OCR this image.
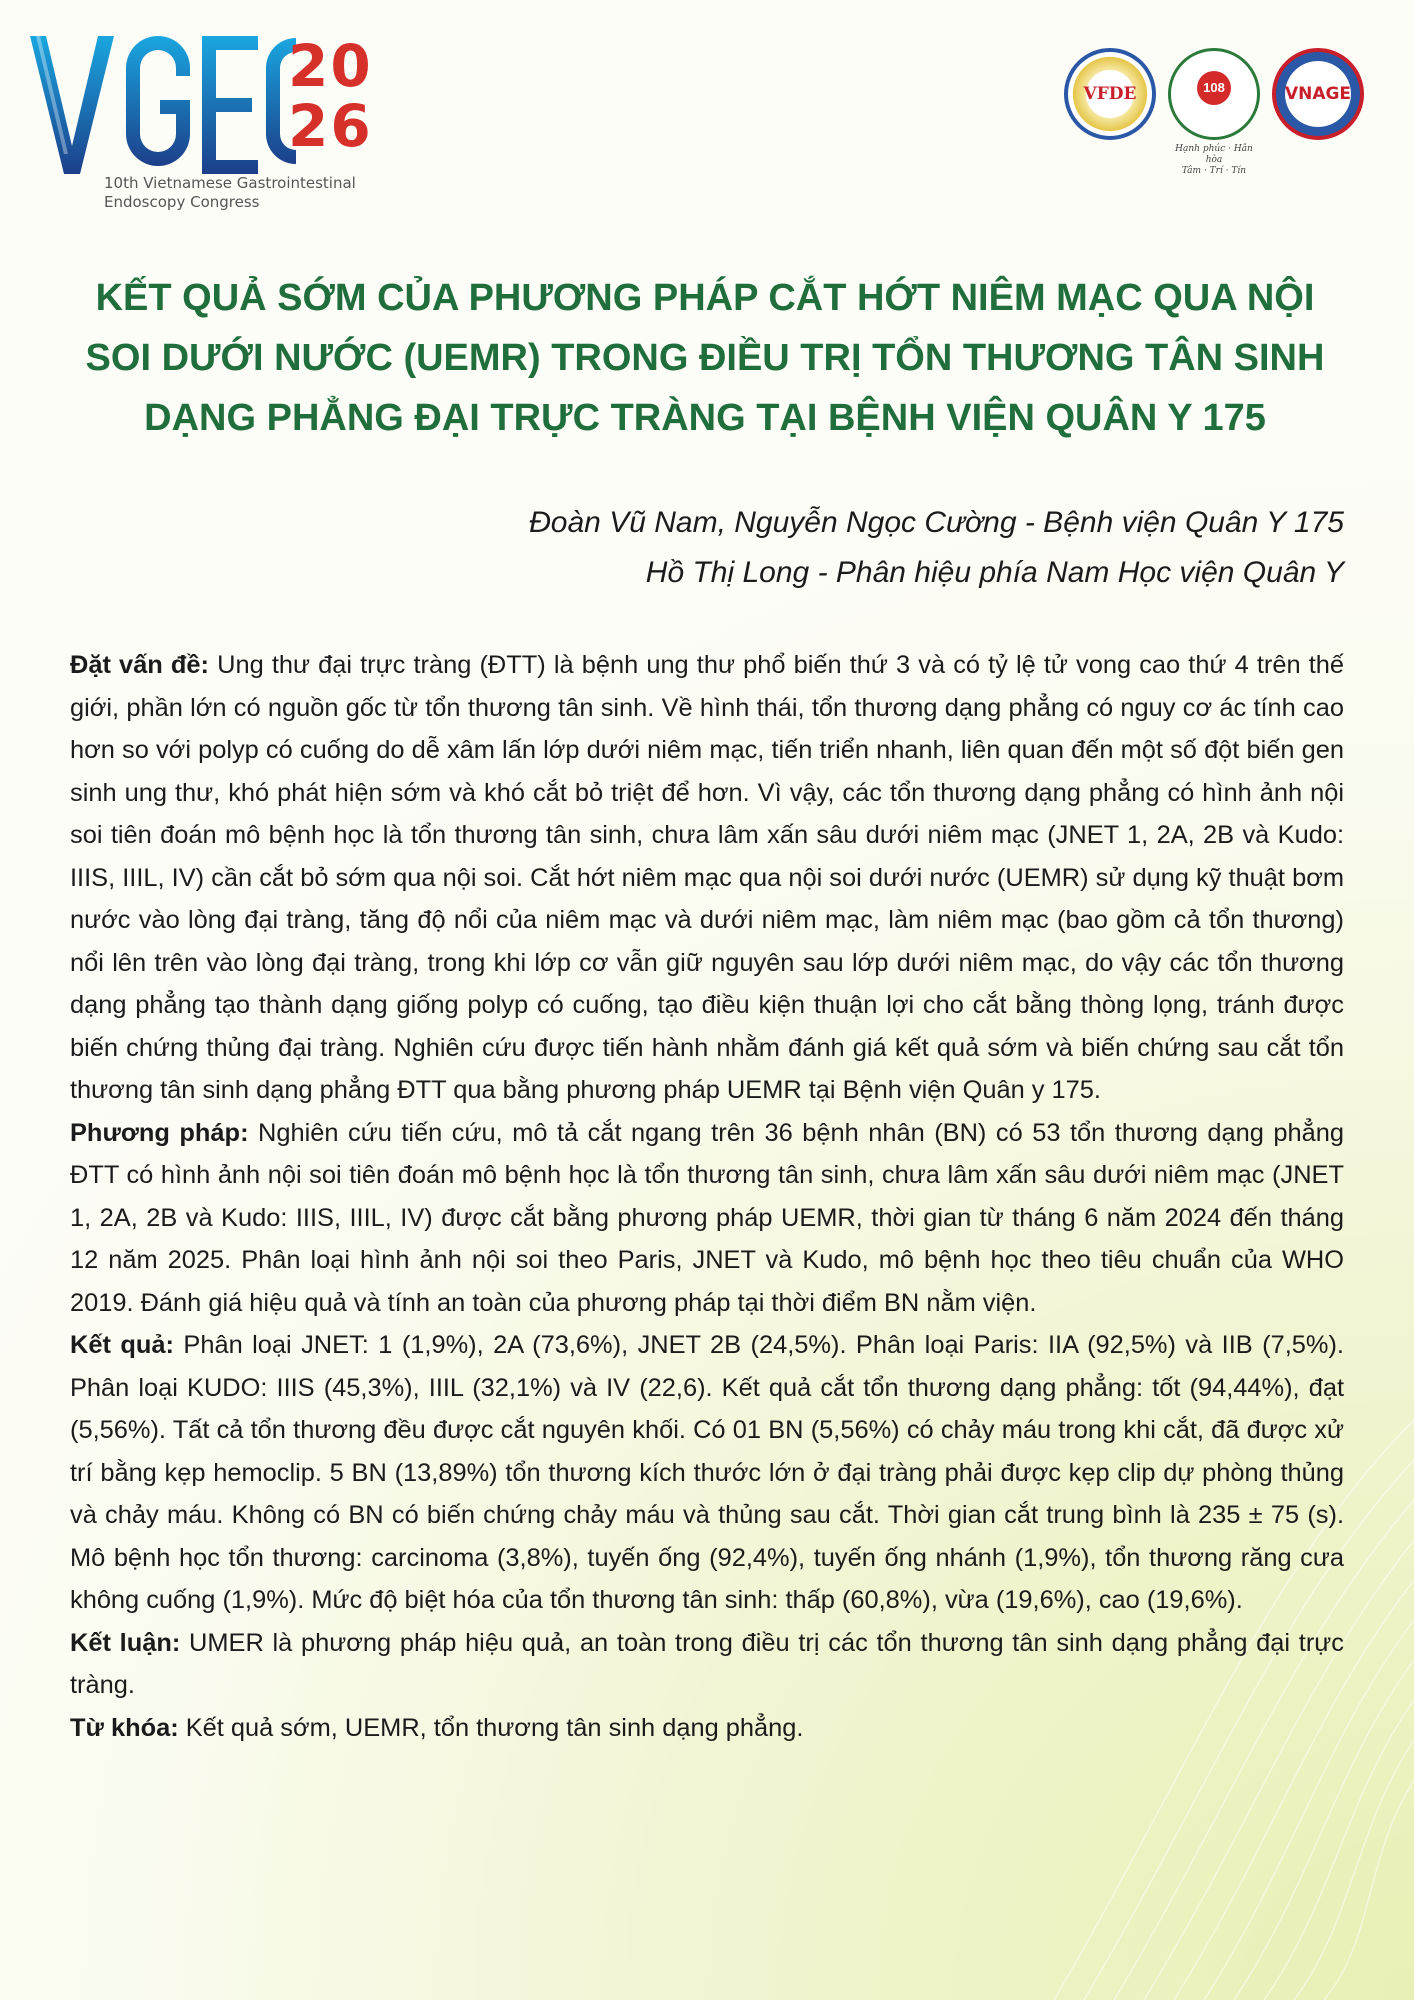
20
26
10th Vietnamese Gastrointestinal
Endoscopy Congress
VFDE	108
Hạnh phúc · Hân hòa
Tâm · Trí · Tín
VNAGE
KẾT QUẢ SỚM CỦA PHƯƠNG PHÁP CẮT HỚT NIÊM MẠC QUA NỘI
SOI DƯỚI NƯỚC (UEMR) TRONG ĐIỀU TRỊ TỔN THƯƠNG TÂN SINH
DẠNG PHẲNG ĐẠI TRỰC TRÀNG TẠI BỆNH VIỆN QUÂN Y 175
Đoàn Vũ Nam, Nguyễn Ngọc Cường - Bệnh viện Quân Y 175
Hồ Thị Long - Phân hiệu phía Nam Học viện Quân Y

Đặt vấn đề: Ung thư đại trực tràng (ĐTT) là bệnh ung thư phổ biến thứ 3 và có tỷ lệ tử vong cao thứ 4 trên thế giới, phần lớn có nguồn gốc từ tổn thương tân sinh. Về hình thái, tổn thương dạng phẳng có nguy cơ ác tính cao hơn so với polyp có cuống do dễ xâm lấn lớp dưới niêm mạc, tiến triển nhanh, liên quan đến một số đột biến gen sinh ung thư, khó phát hiện sớm và khó cắt bỏ triệt để hơn. Vì vậy, các tổn thương dạng phẳng có hình ảnh nội soi tiên đoán mô bệnh học là tổn thương tân sinh, chưa lâm xấn sâu dưới niêm mạc (JNET 1, 2A, 2B và Kudo: IIIS, IIIL, IV) cần cắt bỏ sớm qua nội soi. Cắt hớt niêm mạc qua nội soi dưới nước (UEMR) sử dụng kỹ thuật bơm nước vào lòng đại tràng, tăng độ nổi của niêm mạc và dưới niêm mạc, làm niêm mạc (bao gồm cả tổn thương) nổi lên trên vào lòng đại tràng, trong khi lớp cơ vẫn giữ nguyên sau lớp dưới niêm mạc, do vậy các tổn thương dạng phẳng tạo thành dạng giống polyp có cuống, tạo điều kiện thuận lợi cho cắt bằng thòng lọng, tránh được biến chứng thủng đại tràng. Nghiên cứu được tiến hành nhằm đánh giá kết quả sớm và biến chứng sau cắt tổn thương tân sinh dạng phẳng ĐTT qua bằng phương pháp UEMR tại Bệnh viện Quân y 175.

Phương pháp: Nghiên cứu tiến cứu, mô tả cắt ngang trên 36 bệnh nhân (BN) có 53 tổn thương dạng phẳng ĐTT có hình ảnh nội soi tiên đoán mô bệnh học là tổn thương tân sinh, chưa lâm xấn sâu dưới niêm mạc (JNET 1, 2A, 2B và Kudo: IIIS, IIIL, IV) được cắt bằng phương pháp UEMR, thời gian từ tháng 6 năm 2024 đến tháng 12 năm 2025. Phân loại hình ảnh nội soi theo Paris, JNET và Kudo, mô bệnh học theo tiêu chuẩn của WHO 2019. Đánh giá hiệu quả và tính an toàn của phương pháp tại thời điểm BN nằm viện.

Kết quả: Phân loại JNET: 1 (1,9%), 2A (73,6%), JNET 2B (24,5%). Phân loại Paris: IIA (92,5%) và IIB (7,5%). Phân loại KUDO: IIIS (45,3%), IIIL (32,1%) và IV (22,6). Kết quả cắt tổn thương dạng phẳng: tốt (94,44%), đạt (5,56%). Tất cả tổn thương đều được cắt nguyên khối. Có 01 BN (5,56%) có chảy máu trong khi cắt, đã được xử trí bằng kẹp hemoclip. 5 BN (13,89%) tổn thương kích thước lớn ở đại tràng phải được kẹp clip dự phòng thủng và chảy máu. Không có BN có biến chứng chảy máu và thủng sau cắt. Thời gian cắt trung bình là 235 ± 75 (s). Mô bệnh học tổn thương: carcinoma (3,8%), tuyến ống (92,4%), tuyến ống nhánh (1,9%), tổn thương răng cưa không cuống (1,9%). Mức độ biệt hóa của tổn thương tân sinh: thấp (60,8%), vừa (19,6%), cao (19,6%).

Kết luận: UMER là phương pháp hiệu quả, an toàn trong điều trị các tổn thương tân sinh dạng phẳng đại trực tràng.

Từ khóa: Kết quả sớm, UEMR, tổn thương tân sinh dạng phẳng.
